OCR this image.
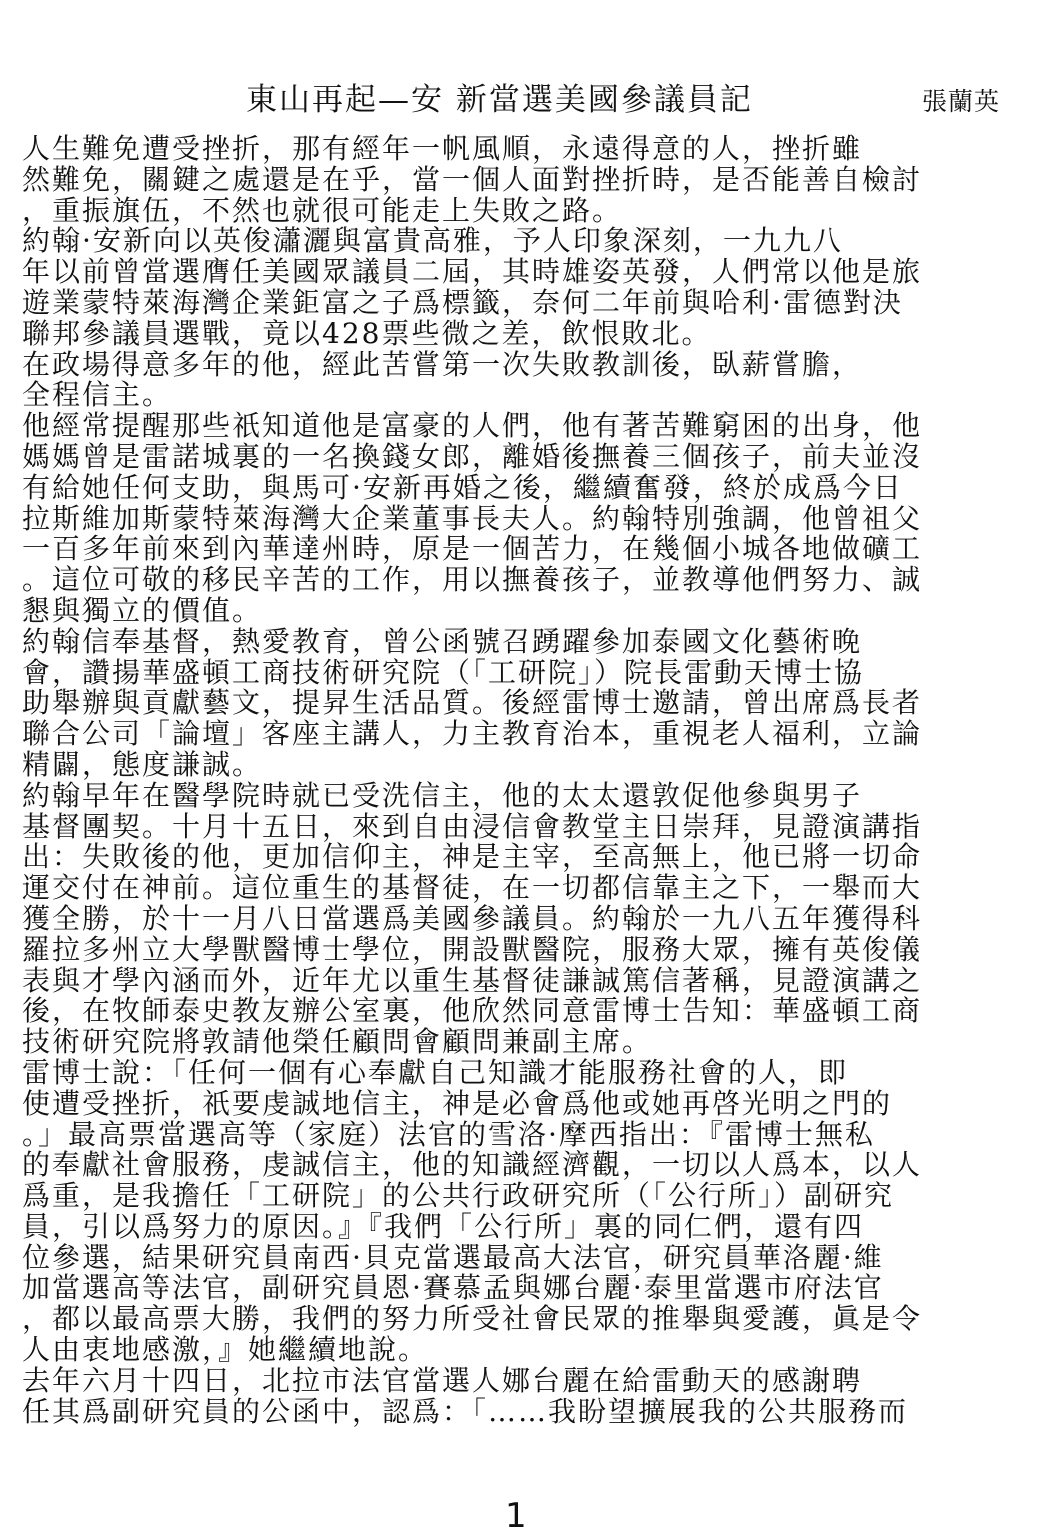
東山再起—安 新當選美國參議員記	張蘭英
人生難免遭受挫折，那有經年一帆風順，永遠得意的人，挫折雖
然難免，關鍵之處還是在乎，當一個人面對挫折時，是否能善自檢討
，重振旗伍，不然也就很可能走上失敗之路。
約翰·安新向以英俊瀟灑與富貴高雅，予人印象深刻，一九九八
年以前曾當選膺任美國眾議員二屆，其時雄姿英發，人們常以他是旅
遊業蒙特萊海灣企業鉅富之子爲標籤，奈何二年前與哈利·雷德對決
聯邦參議員選戰，竟以428票些微之差，飲恨敗北。
在政場得意多年的他，經此苦嘗第一次失敗教訓後，臥薪嘗膽，
全程信主。
他經常提醒那些祇知道他是富豪的人們，他有著苦難窮困的出身，他
媽媽曾是雷諾城裏的一名換錢女郎，離婚後撫養三個孩子，前夫並沒
有給她任何支助，與馬可·安新再婚之後，繼續奮發，終於成爲今日
拉斯維加斯蒙特萊海灣大企業董事長夫人。約翰特別強調，他曾祖父
一百多年前來到內華達州時，原是一個苦力，在幾個小城各地做礦工
。這位可敬的移民辛苦的工作，用以撫養孩子，並教導他們努力、誠
懇與獨立的價值。
約翰信奉基督，熱愛教育，曾公函號召踴躍參加泰國文化藝術晚
會，讚揚華盛頓工商技術研究院（「工研院」）院長雷動天博士協
助舉辦與貢獻藝文，提昇生活品質。後經雷博士邀請，曾出席爲長者
聯合公司「論壇」客座主講人，力主教育治本，重視老人福利，立論
精闢，態度謙誠。
約翰早年在醫學院時就已受洗信主，他的太太還敦促他參與男子
基督團契。十月十五日，來到自由浸信會教堂主日崇拜，見證演講指
出：失敗後的他，更加信仰主，神是主宰，至高無上，他已將一切命
運交付在神前。這位重生的基督徒，在一切都信靠主之下，一舉而大
獲全勝，於十一月八日當選爲美國參議員。約翰於一九八五年獲得科
羅拉多州立大學獸醫博士學位，開設獸醫院，服務大眾，擁有英俊儀
表與才學內涵而外，近年尤以重生基督徒謙誠篤信著稱，見證演講之
後，在牧師泰史教友辦公室裏，他欣然同意雷博士告知：華盛頓工商
技術研究院將敦請他榮任顧問會顧問兼副主席。
雷博士說：「任何一個有心奉獻自己知識才能服務社會的人，即
使遭受挫折，祇要虔誠地信主，神是必會爲他或她再啓光明之門的
。」最高票當選高等（家庭）法官的雪洛·摩西指出：『雷博士無私
的奉獻社會服務，虔誠信主，他的知識經濟觀，一切以人爲本，以人
爲重，是我擔任「工研院」的公共行政研究所（「公行所」）副研究
員，引以爲努力的原因。』『我們「公行所」裏的同仁們，還有四
位參選，結果研究員南西·貝克當選最高大法官，研究員華洛麗·維
加當選高等法官，副研究員恩·賽慕孟與娜台麗·泰里當選市府法官
，都以最高票大勝，我們的努力所受社會民眾的推舉與愛護，眞是令
人由衷地感激，』她繼續地說。
去年六月十四日，北拉市法官當選人娜台麗在給雷動天的感謝聘
任其爲副研究員的公函中，認爲：「……我盼望擴展我的公共服務而
1
